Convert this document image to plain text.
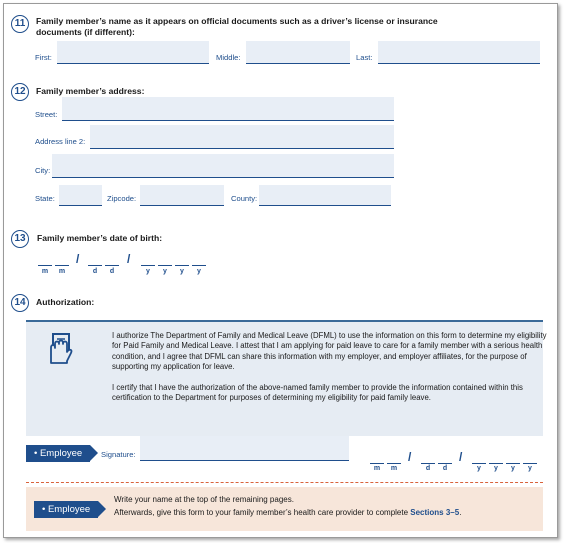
11	Family member’s name as it appears on official documents such as a driver’s license or insurance documents (if different):
First:	Middle:	Last:
12	Family member’s address:
Street:
Address line 2:
City:
State:	Zipcode:	County:
13	Family member’s date of birth:
m	m
/
d	d
/
y	y	y	y
14	Authorization:
I authorize The Department of Family and Medical Leave (DFML) to use the information on this form to determine my eligibility for Paid Family and Medical Leave. I attest that I am applying for paid leave to care for a family member with a serious health condition, and I agree that DFML can share this information with my employer, and employer affiliates, for the purpose of supporting my application for leave.
I certify that I have the authorization of the above-named family member to provide the information contained within this certification to the Department for purposes of determining my eligibility for paid family leave.
• Employee	Signature:
m	m
/
d	d
/
y	y	y	y
• Employee
Write your name at the top of the remaining pages.
Afterwards, give this form to your family member’s health care provider to complete Sections 3–5.
